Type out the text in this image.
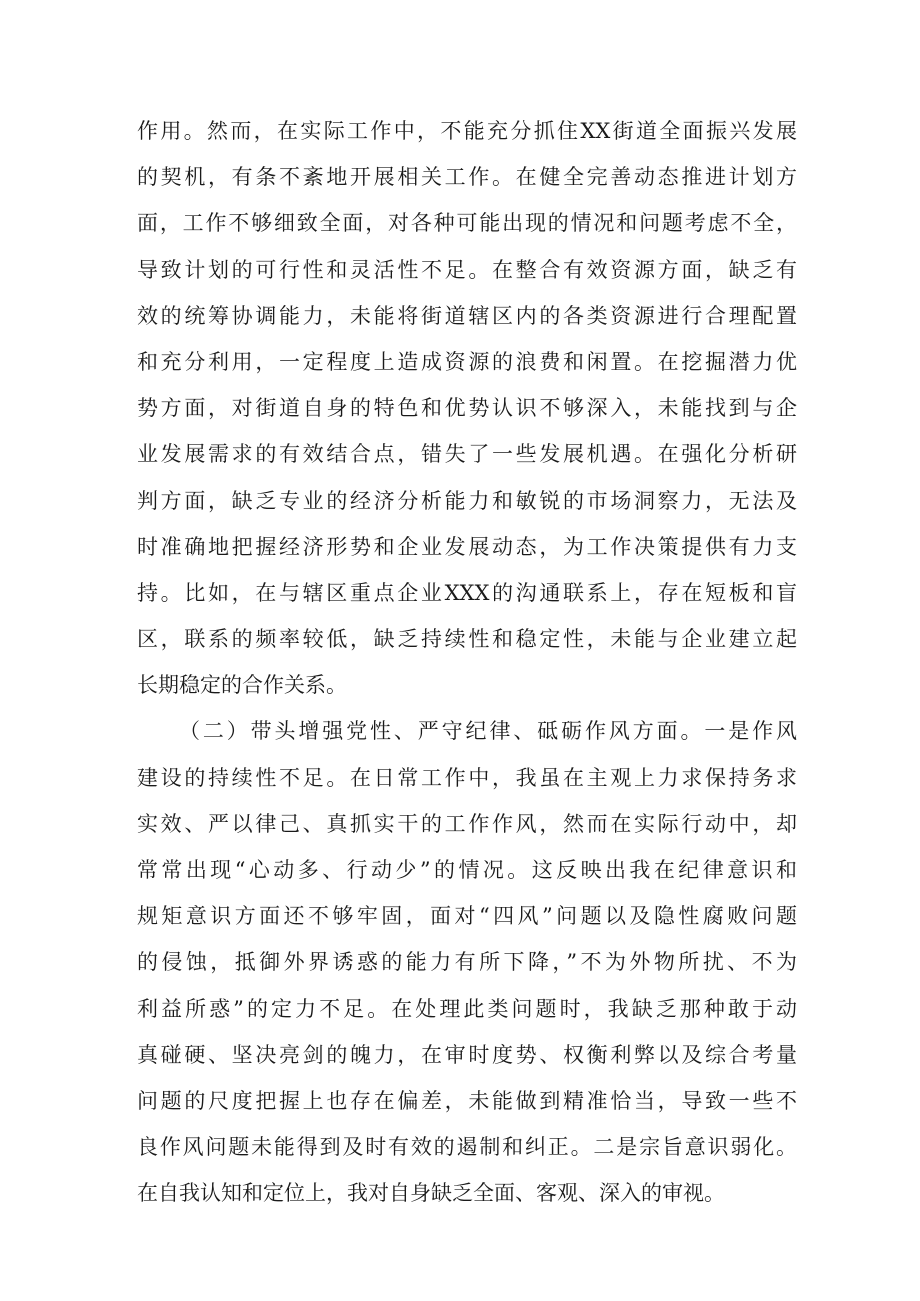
作用。然而，在实际工作中，不能充分抓住XX街道全面振兴发展
的契机，有条不紊地开展相关工作。在健全完善动态推进计划方
面，工作不够细致全面，对各种可能出现的情况和问题考虑不全，
导致计划的可行性和灵活性不足。在整合有效资源方面，缺乏有
效的统筹协调能力，未能将街道辖区内的各类资源进行合理配置
和充分利用，一定程度上造成资源的浪费和闲置。在挖掘潜力优
势方面，对街道自身的特色和优势认识不够深入，未能找到与企
业发展需求的有效结合点，错失了一些发展机遇。在强化分析研
判方面，缺乏专业的经济分析能力和敏锐的市场洞察力，无法及
时准确地把握经济形势和企业发展动态，为工作决策提供有力支
持。比如，在与辖区重点企业XXX的沟通联系上，存在短板和盲
区，联系的频率较低，缺乏持续性和稳定性，未能与企业建立起
长期稳定的合作关系。
（二）带头增强党性、严守纪律、砥砺作风方面。一是作风
建设的持续性不足。在日常工作中，我虽在主观上力求保持务求
实效、严以律己、真抓实干的工作作风，然而在实际行动中，却
常常出现“心动多、行动少”的情况。这反映出我在纪律意识和
规矩意识方面还不够牢固，面对“四风”问题以及隐性腐败问题
的侵蚀，抵御外界诱惑的能力有所下降，”不为外物所扰、不为
利益所惑”的定力不足。在处理此类问题时，我缺乏那种敢于动
真碰硬、坚决亮剑的魄力，在审时度势、权衡利弊以及综合考量
问题的尺度把握上也存在偏差，未能做到精准恰当，导致一些不
良作风问题未能得到及时有效的遏制和纠正。二是宗旨意识弱化。
在自我认知和定位上，我对自身缺乏全面、客观、深入的审视。
